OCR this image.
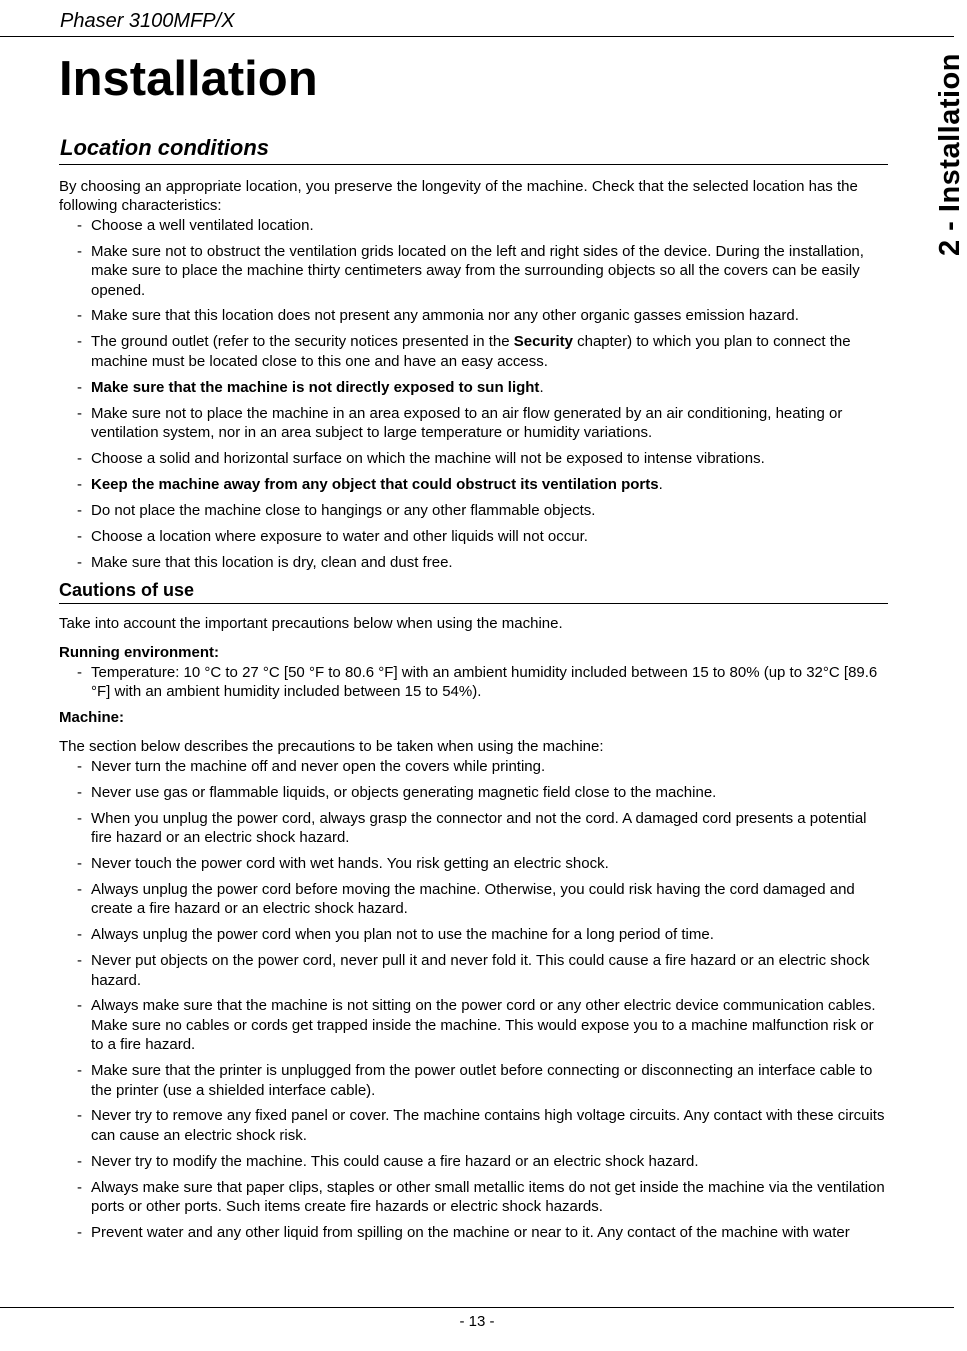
Phaser 3100MFP/X
2 - Installation
Installation
Location conditions

By choosing an appropriate location, you preserve the longevity of the machine. Check that the selected location has the following characteristics:

- Choose a well ventilated location.
- Make sure not to obstruct the ventilation grids located on the left and right sides of the device. During the installation, make sure to place the machine thirty centimeters away from the surrounding objects so all the covers can be easily opened.
- Make sure that this location does not present any ammonia nor any other organic gasses emission hazard.
- The ground outlet (refer to the security notices presented in the Security chapter) to which you plan to connect the machine must be located close to this one and have an easy access.
- Make sure that the machine is not directly exposed to sun light.
- Make sure not to place the machine in an area exposed to an air flow generated by an air conditioning, heating or ventilation system, nor in an area subject to large temperature or humidity variations.
- Choose a solid and horizontal surface on which the machine will not be exposed to intense vibrations.
- Keep the machine away from any object that could obstruct its ventilation ports.
- Do not place the machine close to hangings or any other flammable objects.
- Choose a location where exposure to water and other liquids will not occur.
- Make sure that this location is dry, clean and dust free.
Cautions of use

Take into account the important precautions below when using the machine.

Running environment:

- Temperature: 10 °C to 27 °C [50 °F to 80.6 °F] with an ambient humidity included between 15 to 80% (up to 32°C [89.6 °F] with an ambient humidity included between 15 to 54%).

Machine:

The section below describes the precautions to be taken when using the machine:

- Never turn the machine off and never open the covers while printing.
- Never use gas or flammable liquids, or objects generating magnetic field close to the machine.
- When you unplug the power cord, always grasp the connector and not the cord. A damaged cord presents a potential fire hazard or an electric shock hazard.
- Never touch the power cord with wet hands. You risk getting an electric shock.
- Always unplug the power cord before moving the machine. Otherwise, you could risk having the cord damaged and create a fire hazard or an electric shock hazard.
- Always unplug the power cord when you plan not to use the machine for a long period of time.
- Never put objects on the power cord, never pull it and never fold it. This could cause a fire hazard or an electric shock hazard.
- Always make sure that the machine is not sitting on the power cord or any other electric device communication cables. Make sure no cables or cords get trapped inside the machine. This would expose you to a machine malfunction risk or to a fire hazard.
- Make sure that the printer is unplugged from the power outlet before connecting or disconnecting an interface cable to the printer (use a shielded interface cable).
- Never try to remove any fixed panel or cover. The machine contains high voltage circuits. Any contact with these circuits can cause an electric shock risk.
- Never try to modify the machine. This could cause a fire hazard or an electric shock hazard.
- Always make sure that paper clips, staples or other small metallic items do not get inside the machine via the ventilation ports or other ports. Such items create fire hazards or electric shock hazards.
- Prevent water and any other liquid from spilling on the machine or near to it. Any contact of the machine with water
- 13 -
